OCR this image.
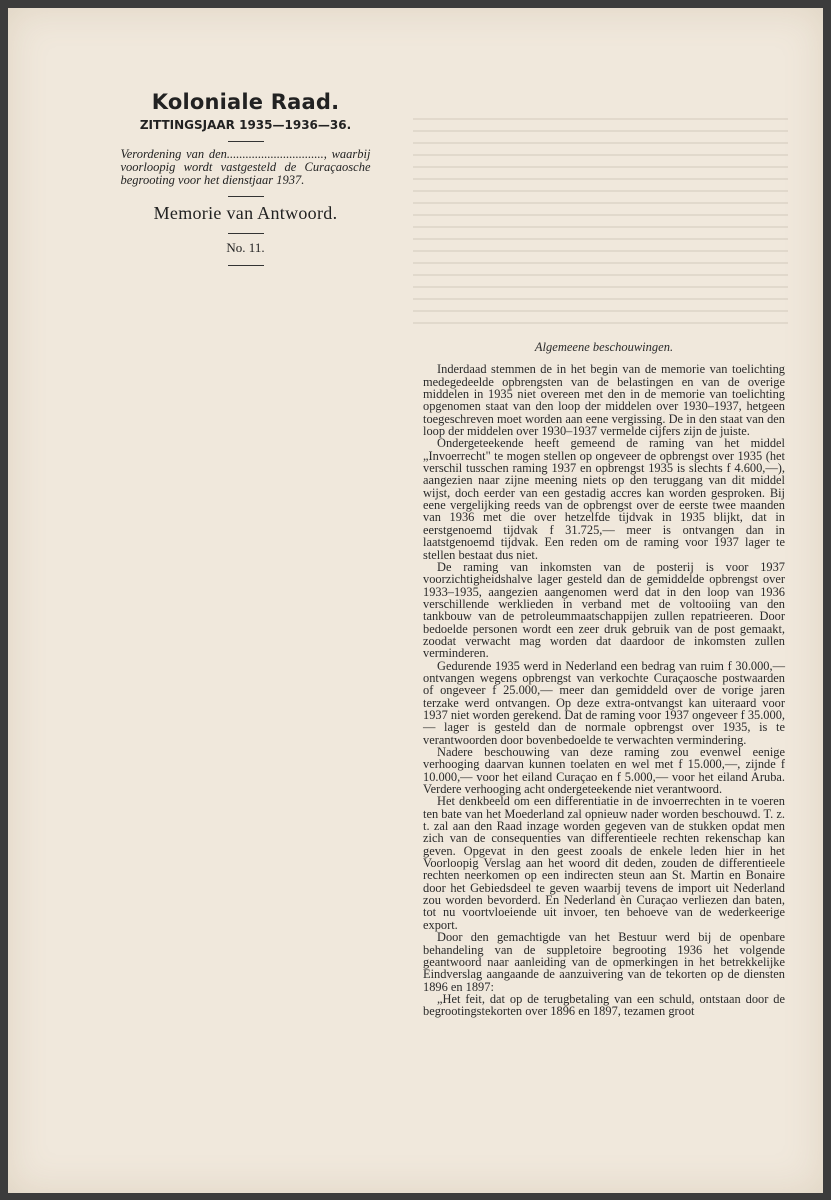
Koloniale Raad.
ZITTINGSJAAR 1935—1936—36.
Verordening van den..............................., waarbij voorloopig wordt vastgesteld de Curaçaosche begrooting voor het dienstjaar 1937.
Memorie van Antwoord.
No. 11.
Algemeene beschouwingen.

Inderdaad stemmen de in het begin van de memorie van toelichting medegedeelde opbrengsten van de belastingen en van de overige middelen in 1935 niet overeen met den in de memorie van toelichting opgenomen staat van den loop der middelen over 1930–1937, hetgeen toegeschreven moet worden aan eene vergissing. De in den staat van den loop der middelen over 1930–1937 vermelde cijfers zijn de juiste.

Ondergeteekende heeft gemeend de raming van het middel „Invoerrecht" te mogen stellen op ongeveer de opbrengst over 1935 (het verschil tusschen raming 1937 en opbrengst 1935 is slechts f 4.600,—), aangezien naar zijne meening niets op den teruggang van dit middel wijst, doch eerder van een gestadig accres kan worden gesproken. Bij eene vergelijking reeds van de opbrengst over de eerste twee maanden van 1936 met die over hetzelfde tijdvak in 1935 blijkt, dat in eerstgenoemd tijdvak f 31.725,— meer is ontvangen dan in laatstgenoemd tijdvak. Een reden om de raming voor 1937 lager te stellen bestaat dus niet.

De raming van inkomsten van de posterij is voor 1937 voorzichtigheidshalve lager gesteld dan de gemiddelde opbrengst over 1933–1935, aangezien aangenomen werd dat in den loop van 1936 verschillende werklieden in verband met de voltooiing van den tankbouw van de petroleummaatschappijen zullen repatrieeren. Door bedoelde personen wordt een zeer druk gebruik van de post gemaakt, zoodat verwacht mag worden dat daardoor de inkomsten zullen verminderen.

Gedurende 1935 werd in Nederland een bedrag van ruim f 30.000,— ontvangen wegens opbrengst van verkochte Curaçaosche postwaarden of ongeveer f 25.000,— meer dan gemiddeld over de vorige jaren terzake werd ontvangen. Op deze extra-ontvangst kan uiteraard voor 1937 niet worden gerekend. Dat de raming voor 1937 ongeveer f 35.000,— lager is gesteld dan de normale opbrengst over 1935, is te verantwoorden door bovenbedoelde te verwachten vermindering.

Nadere beschouwing van deze raming zou evenwel eenige verhooging daarvan kunnen toelaten en wel met f 15.000,—, zijnde f 10.000,— voor het eiland Curaçao en f 5.000,— voor het eiland Aruba. Verdere verhooging acht ondergeteekende niet verantwoord.

Het denkbeeld om een differentiatie in de invoerrechten in te voeren ten bate van het Moederland zal opnieuw nader worden beschouwd. T. z. t. zal aan den Raad inzage worden gegeven van de stukken opdat men zich van de consequenties van differentieele rechten rekenschap kan geven. Opgevat in den geest zooals de enkele leden hier in het Voorloopig Verslag aan het woord dit deden, zouden de differentieele rechten neerkomen op een indirecten steun aan St. Martin en Bonaire door het Gebiedsdeel te geven waarbij tevens de import uit Nederland zou worden bevorderd. En Nederland èn Curaçao verliezen dan baten, tot nu voortvloeiende uit invoer, ten behoeve van de wederkeerige export.

Door den gemachtigde van het Bestuur werd bij de openbare behandeling van de suppletoire begrooting 1936 het volgende geantwoord naar aanleiding van de opmerkingen in het betrekkelijke Eindverslag aangaande de aanzuivering van de tekorten op de diensten 1896 en 1897:

„Het feit, dat op de terugbetaling van een schuld, ontstaan door de begrootingstekorten over 1896 en 1897, tezamen groot
